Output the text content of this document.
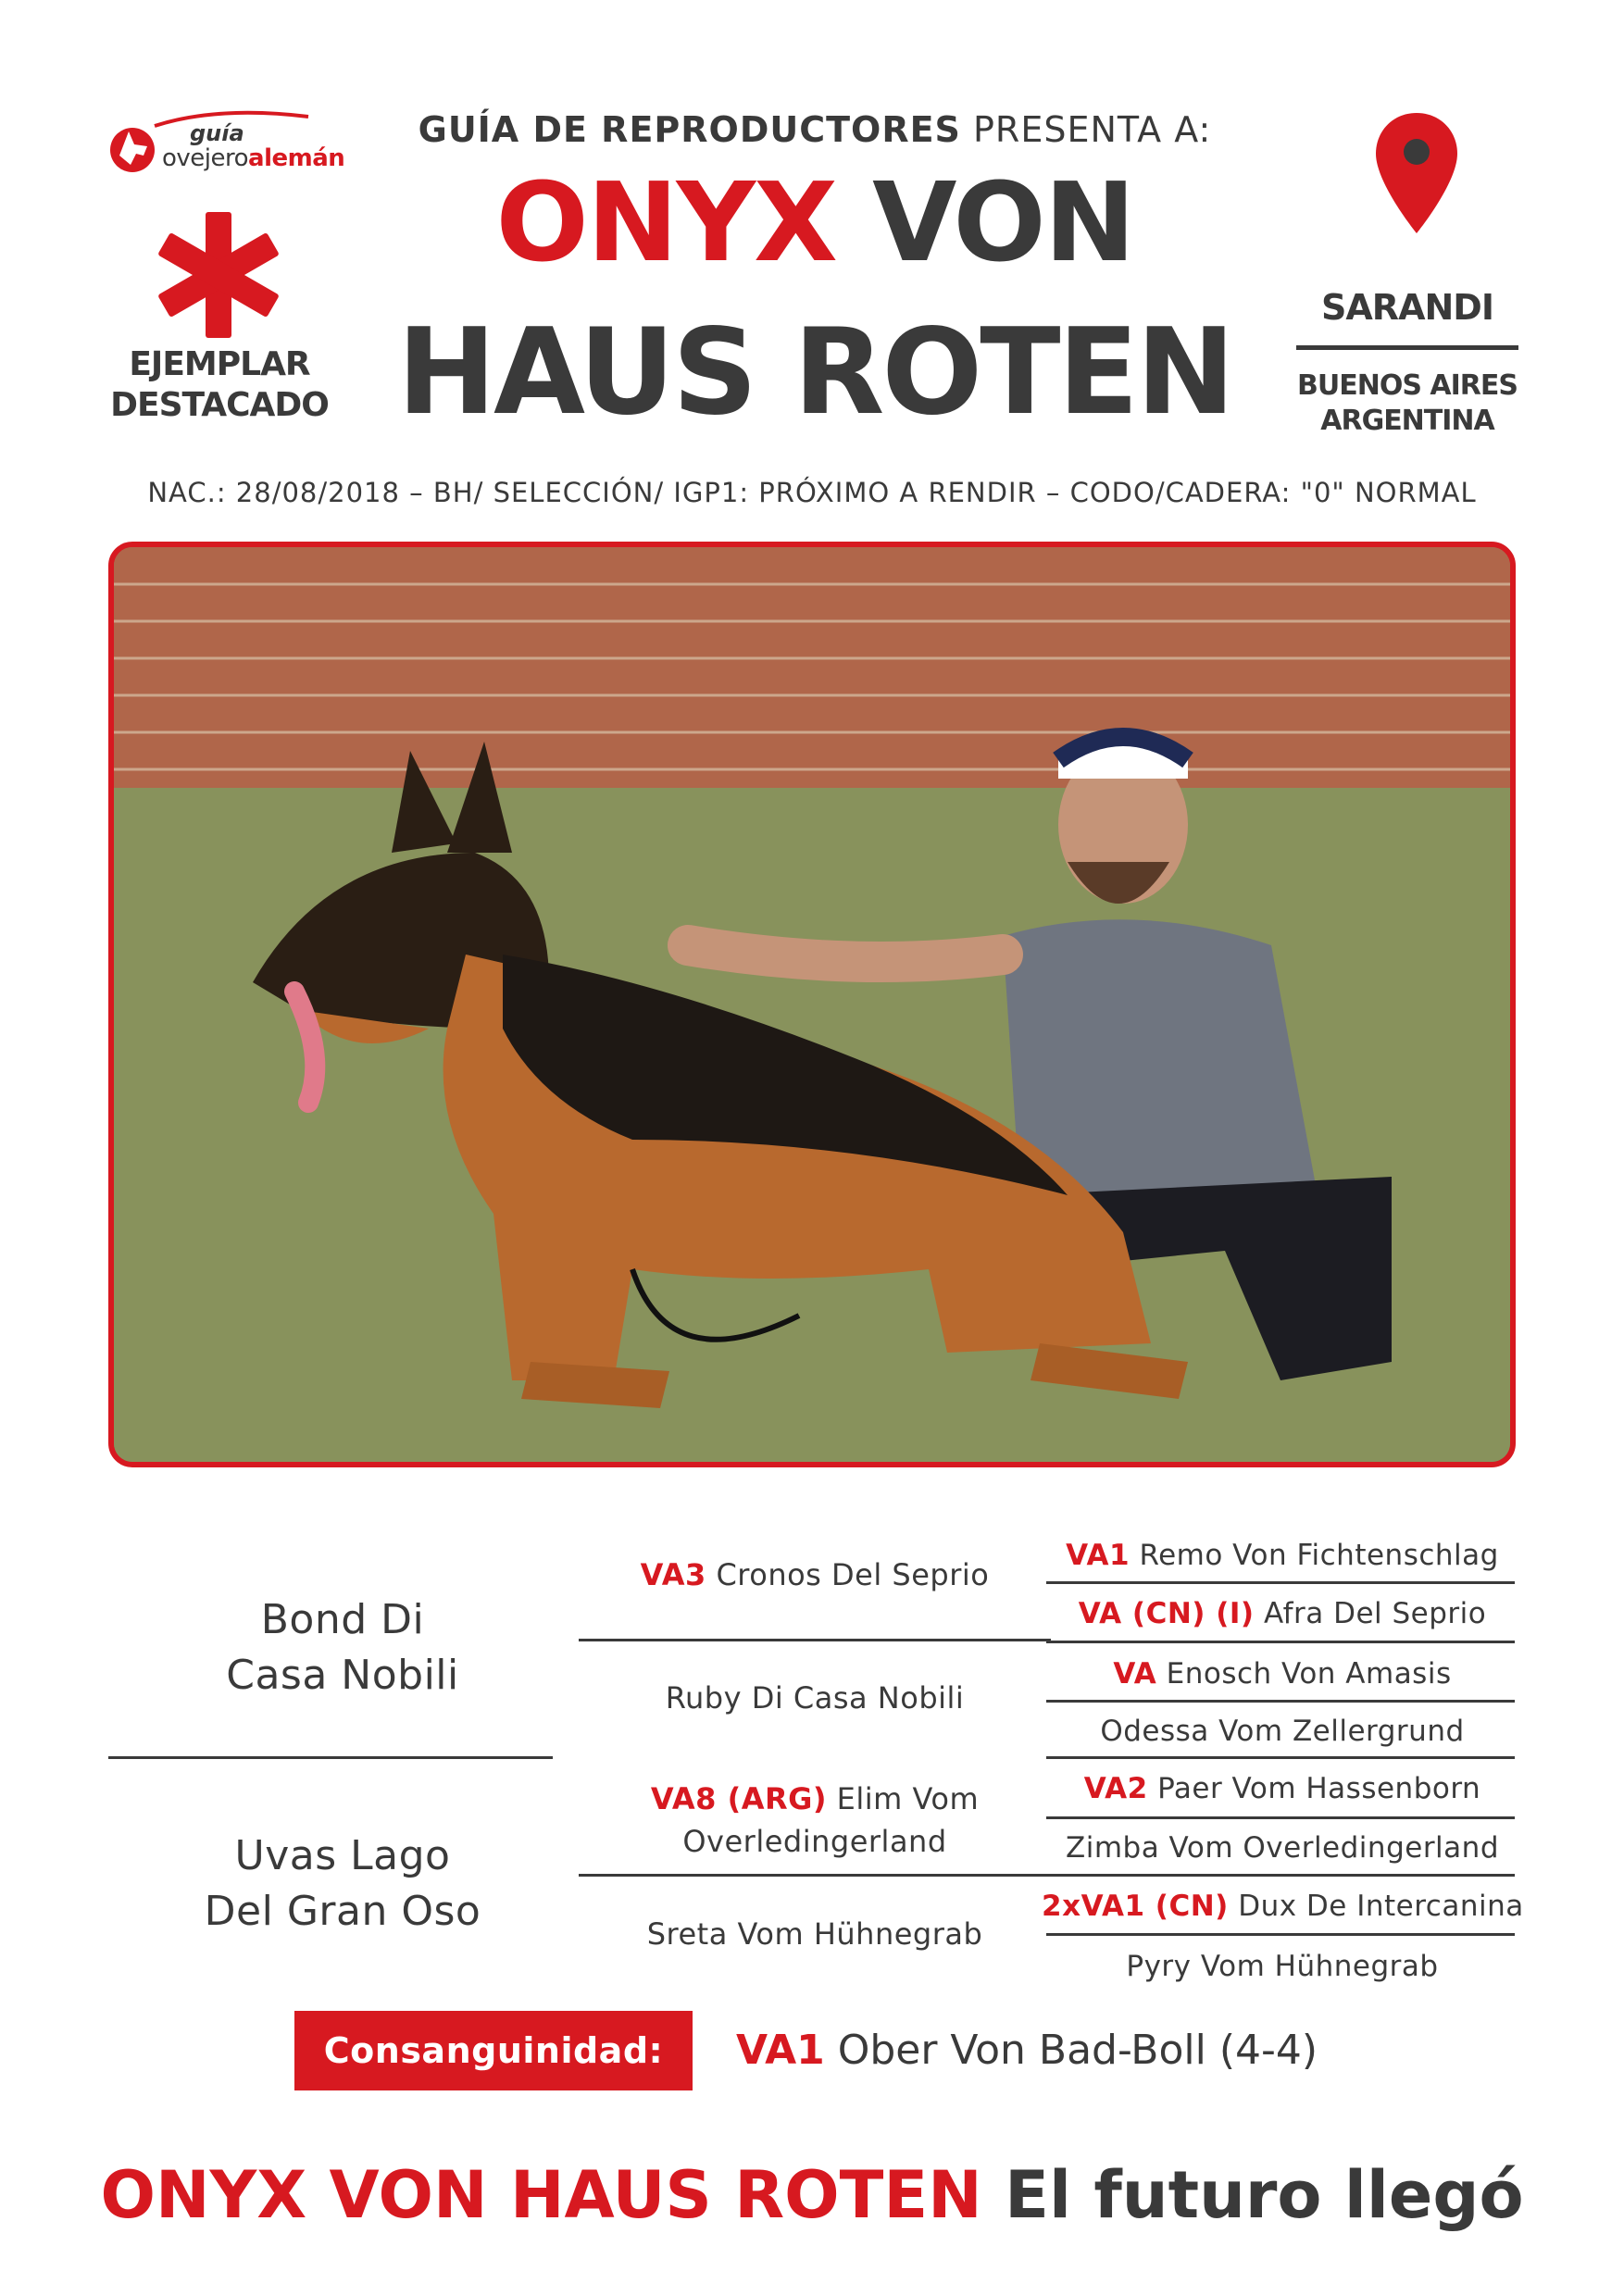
guía
ovejeroalemán
EJEMPLAR
DESTACADO
GUÍA DE REPRODUCTORES PRESENTA A:
ONYX VON
HAUS ROTEN	SARANDI
BUENOS AIRES
ARGENTINA
NAC.: 28/08/2018 – BH/ SELECCIÓN/ IGP1: PRÓXIMO A RENDIR – CODO/CADERA: "0" NORMAL
Bond Di
Casa Nobili
Uvas Lago
Del Gran Oso
VA3 Cronos Del Seprio
Ruby Di Casa Nobili
VA8 (ARG) Elim Vom
Overledingerland
Sreta Vom Hühnegrab
VA1 Remo Von Fichtenschlag
VA (CN) (I) Afra Del Seprio
VA Enosch Von Amasis
Odessa Vom Zellergrund
VA2 Paer Vom Hassenborn
Zimba Vom Overledingerland
2xVA1 (CN) Dux De Intercanina
Pyry Vom Hühnegrab
Consanguinidad:	VA1 Ober Von Bad-Boll (4-4)
ONYX VON HAUS ROTEN El futuro llegó
